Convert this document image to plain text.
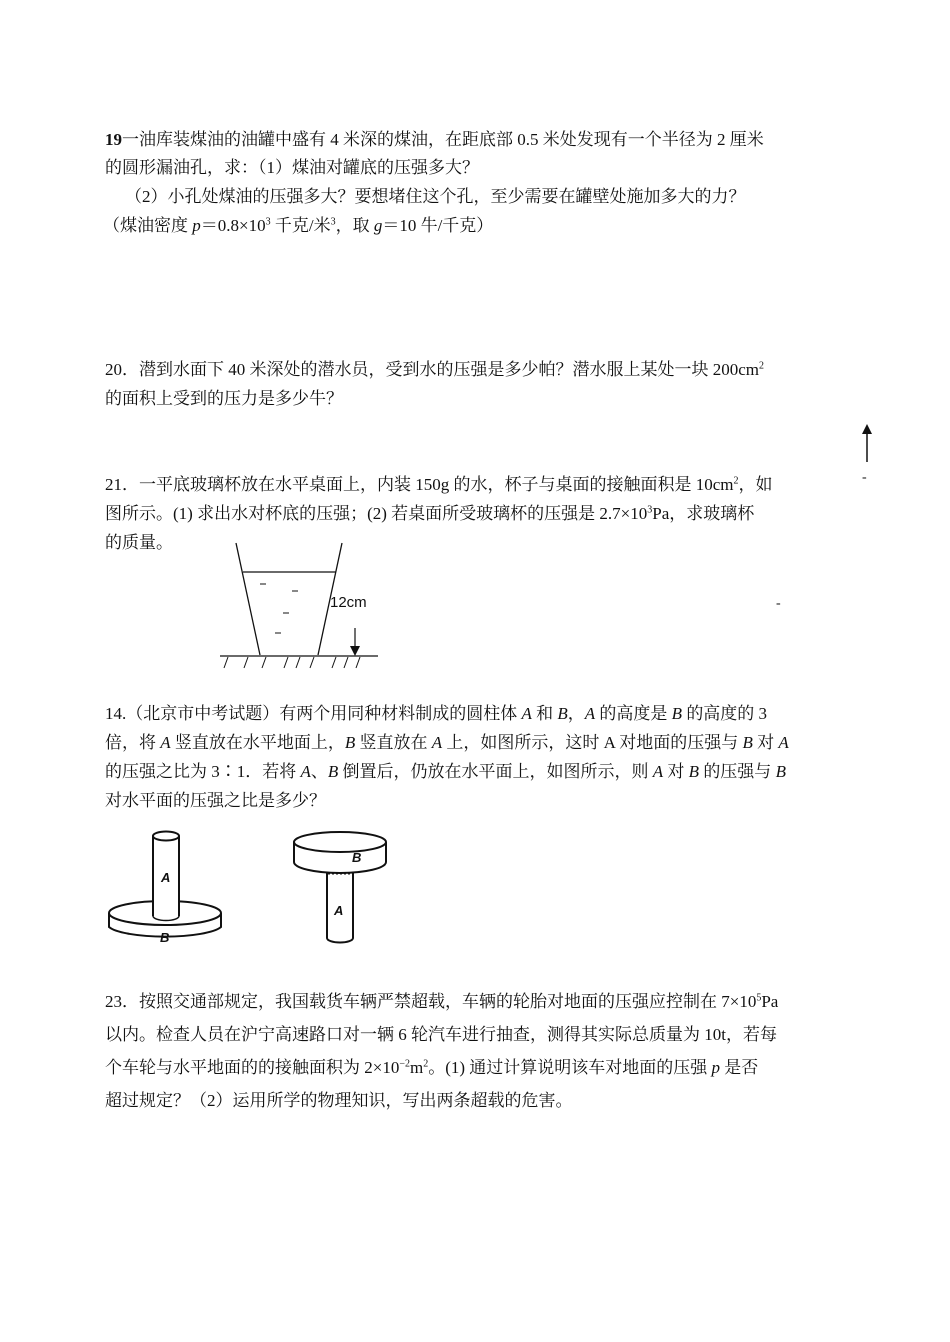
19一油库装煤油的油罐中盛有 4 米深的煤油，在距底部 0.5 米处发现有一个半径为 2 厘米
的圆形漏油孔，求：（1）煤油对罐底的压强多大？
（2）小孔处煤油的压强多大？要想堵住这个孔，至少需要在罐壁处施加多大的力？
（煤油密度 $p=0.8\times 10^3$ 千克/米$^3$，取 g＝10 牛/千克）
20．潜到水面下 40 米深处的潜水员，受到水的压强是多少帕？潜水服上某处一块 $200cm^2$
的面积上受到的压力是多少牛？
-
21．一平底玻璃杯放在水平桌面上，内装 150g 的水，杯子与桌面的接触面积是 $10cm^2$，如
图所示。(1) 求出水对杯底的压强；(2) 若桌面所受玻璃杯的压强是 $2.7\times 10^3Pa$，求玻璃杯
的质量。
12cm	-
14.（北京市中考试题）有两个用同种材料制成的圆柱体 A 和 B，A 的高度是 B 的高度的 3
倍，将 A 竖直放在水平地面上，B 竖直放在 A 上，如图所示，这时 A 对地面的压强与 B 对 A
的压强之比为 3∶1．若将 A、B 倒置后，仍放在水平面上，如图所示，则 A 对 B 的压强与 B
对水平面的压强之比是多少？
A
B
B
A
23．按照交通部规定，我国载货车辆严禁超载，车辆的轮胎对地面的压强应控制在 $7\times 10^5Pa$
以内。检查人员在沪宁高速路口对一辆 6 轮汽车进行抽查，测得其实际总质量为 10t，若每
个车轮与水平地面的的接触面积为 $2\times 10^{-2}m^2$。(1) 通过计算说明该车对地面的压强 p 是否
超过规定？（2）运用所学的物理知识，写出两条超载的危害。
